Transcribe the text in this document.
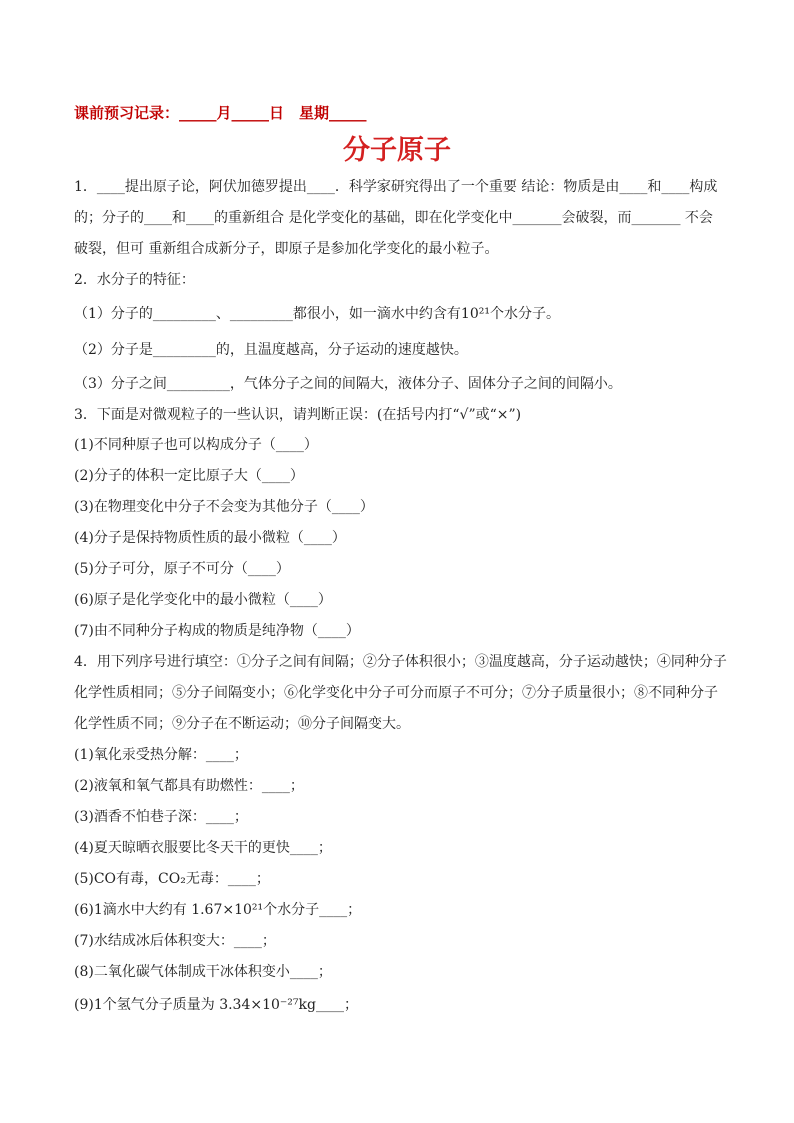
课前预习记录：_____月_____日　星期_____
分子原子
1．____提出原子论，阿伏加德罗提出____．科学家研究得出了一个重要 结论：物质是由____和____构成
的；分子的____和____的重新组合 是化学变化的基础，即在化学变化中_______会破裂，而_______ 不会
破裂，但可 重新组合成新分子，即原子是参加化学变化的最小粒子。
2．水分子的特征：
（1）分子的_________、_________都很小，如一滴水中约含有10²¹个水分子。
（2）分子是_________的，且温度越高，分子运动的速度越快。
（3）分子之间_________，气体分子之间的间隔大，液体分子、固体分子之间的间隔小。
3．下面是对微观粒子的一些认识，请判断正误：(在括号内打“√”或“×”)
(1)不同种原子也可以构成分子（____）
(2)分子的体积一定比原子大（____）
(3)在物理变化中分子不会变为其他分子（____）
(4)分子是保持物质性质的最小微粒（____）
(5)分子可分，原子不可分（____）
(6)原子是化学变化中的最小微粒（____）
(7)由不同种分子构成的物质是纯净物（____）
4．用下列序号进行填空：①分子之间有间隔；②分子体积很小；③温度越高，分子运动越快；④同种分子
化学性质相同；⑤分子间隔变小；⑥化学变化中分子可分而原子不可分；⑦分子质量很小；⑧不同种分子
化学性质不同；⑨分子在不断运动；⑩分子间隔变大。
(1)氧化汞受热分解：____；
(2)液氧和氧气都具有助燃性：____；
(3)酒香不怕巷子深：____；
(4)夏天晾晒衣服要比冬天干的更快____；
(5)CO有毒，CO₂无毒：____；
(6)1滴水中大约有 1.67×10²¹个水分子____；
(7)水结成冰后体积变大：____；
(8)二氧化碳气体制成干冰体积变小____；
(9)1个氢气分子质量为 3.34×10⁻²⁷kg____；
